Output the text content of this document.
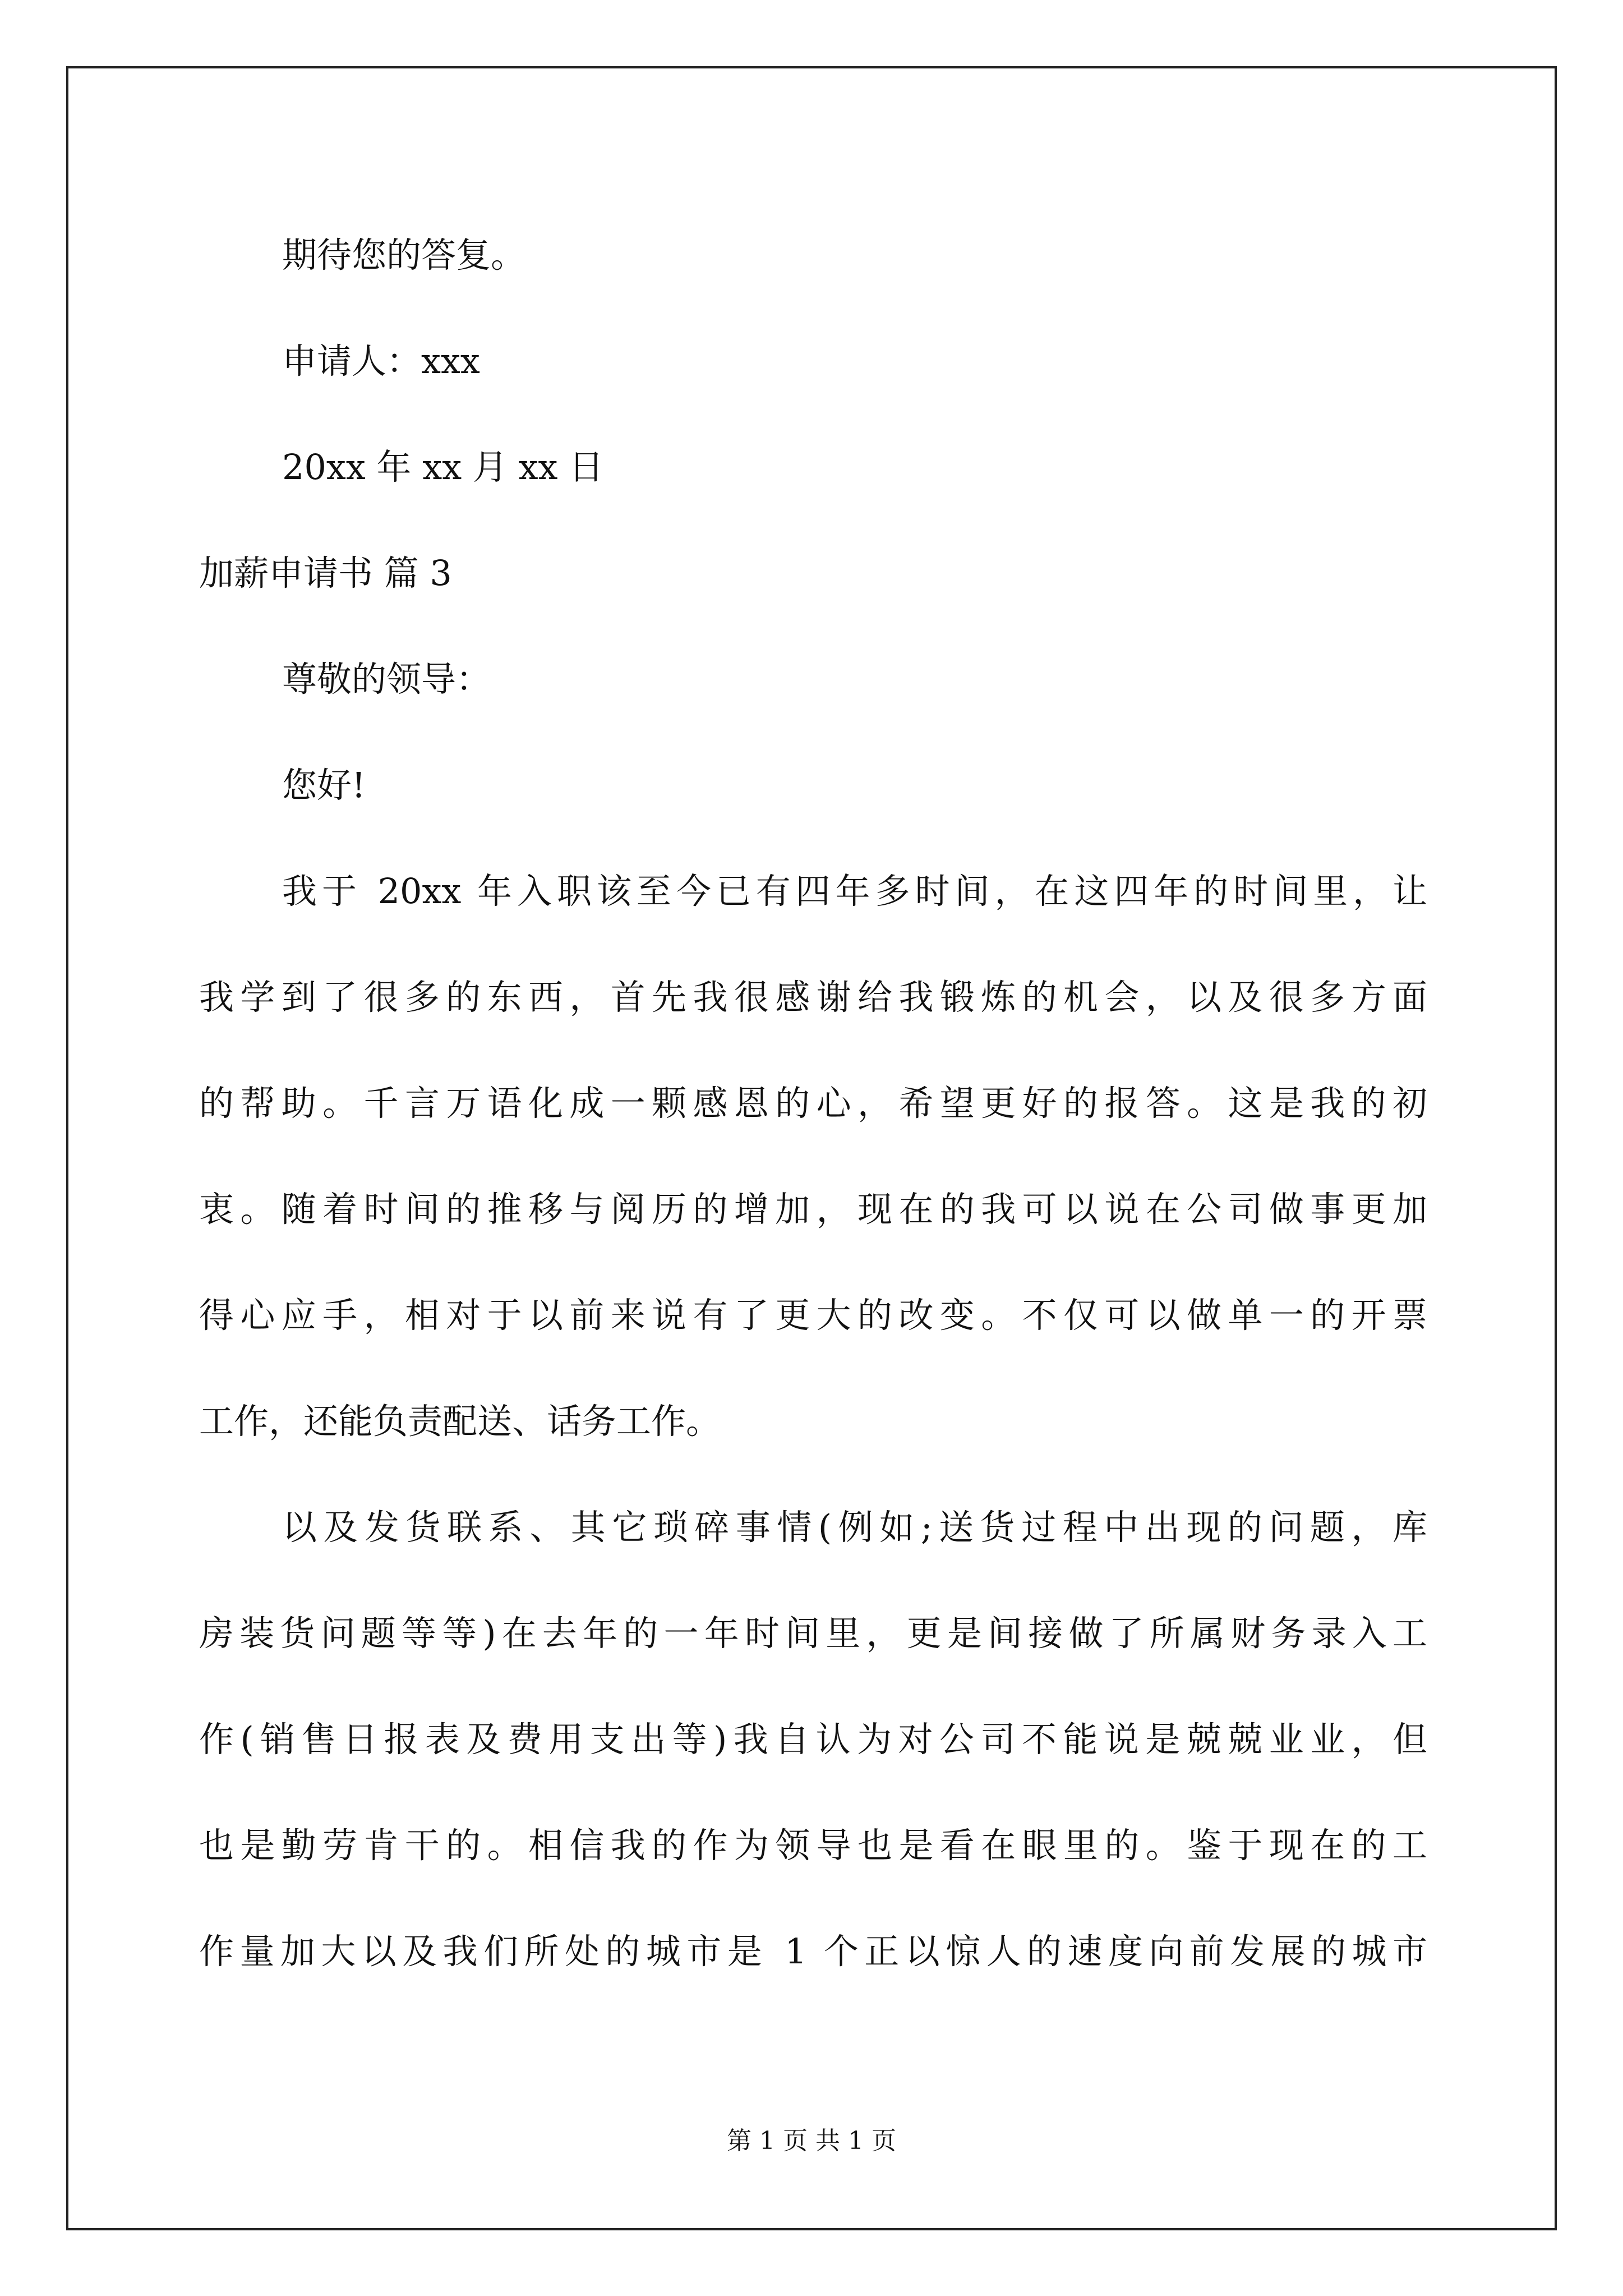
期待您的答复。
申请人：xxx
20xx 年 xx 月 xx 日
加薪申请书 篇 3
尊敬的领导：
您好!
我于 20xx 年入职该至今已有四年多时间，在这四年的时间里，让
我学到了很多的东西，首先我很感谢给我锻炼的机会，以及很多方面
的帮助。千言万语化成一颗感恩的心，希望更好的报答。这是我的初
衷。随着时间的推移与阅历的增加，现在的我可以说在公司做事更加
得心应手，相对于以前来说有了更大的改变。不仅可以做单一的开票
工作，还能负责配送、话务工作。
以及发货联系、其它琐碎事情(例如;送货过程中出现的问题，库
房装货问题等等)在去年的一年时间里，更是间接做了所属财务录入工
作(销售日报表及费用支出等)我自认为对公司不能说是兢兢业业，但
也是勤劳肯干的。相信我的作为领导也是看在眼里的。鉴于现在的工
作量加大以及我们所处的城市是 1 个正以惊人的速度向前发展的城市
第 1 页 共 1 页
